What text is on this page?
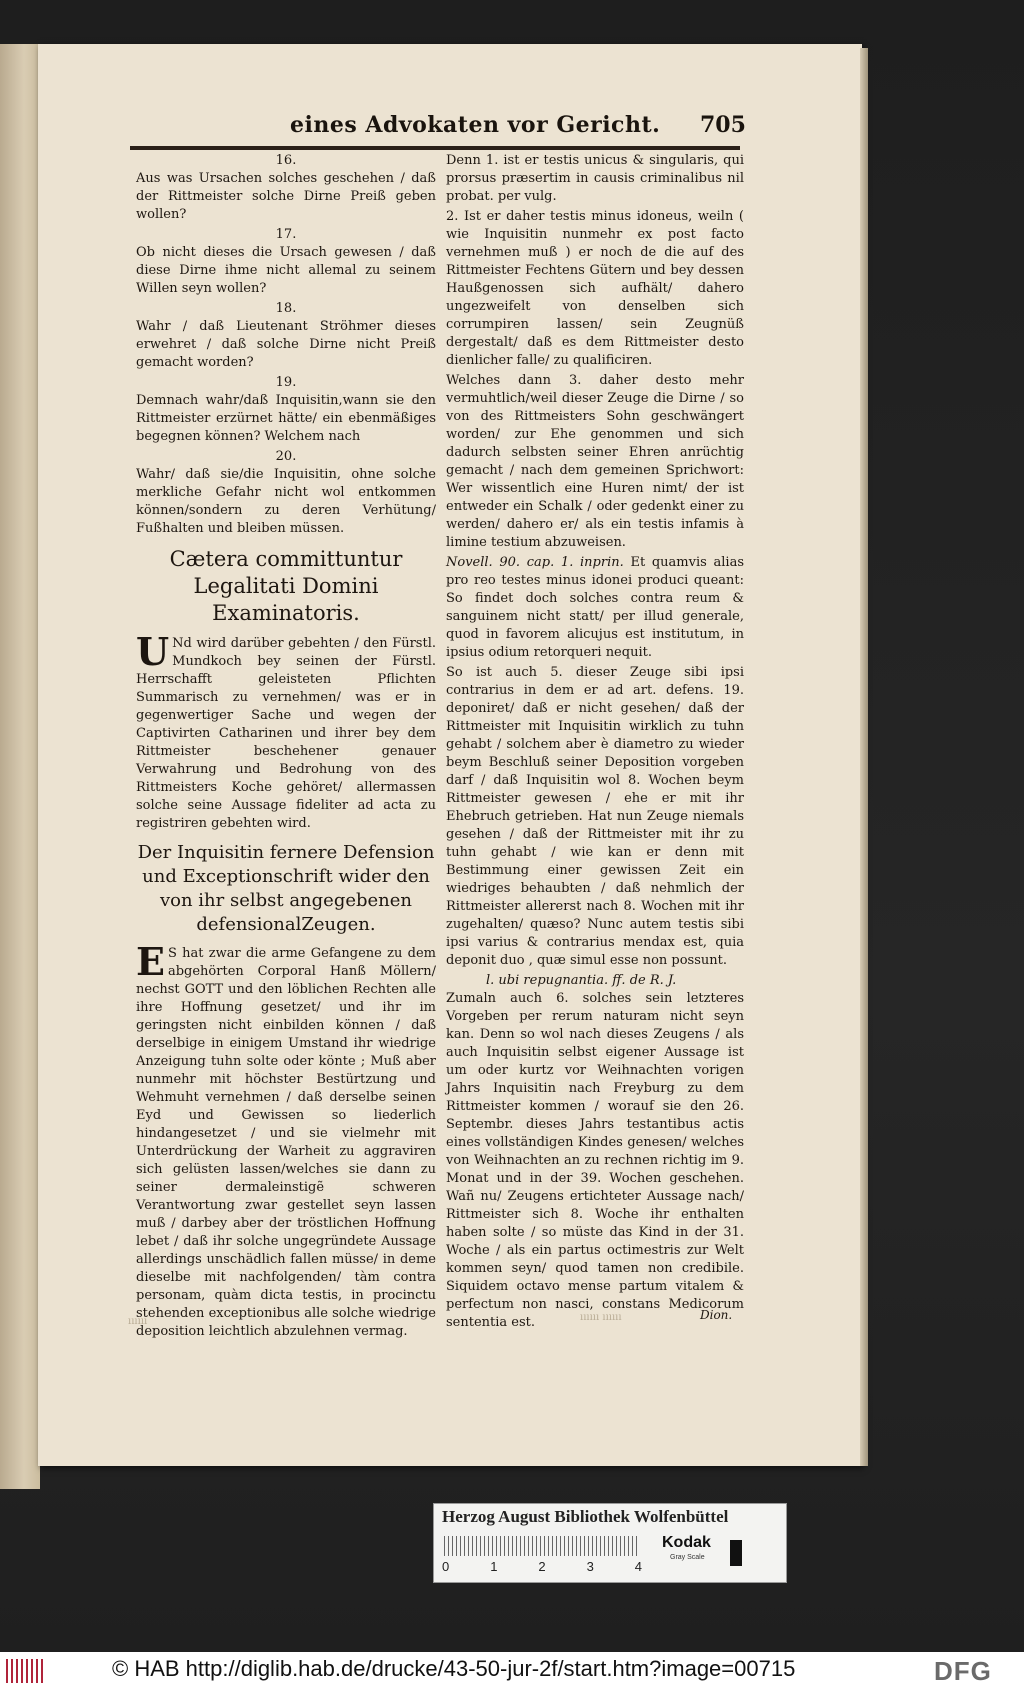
eines Advokaten vor Gericht. 705
16.
Aus was Ursachen solches geschehen / daß der Rittmeister solche Dirne Preiß geben wollen?
17.
Ob nicht dieses die Ursach gewesen / daß diese Dirne ihme nicht allemal zu seinem Willen seyn wollen?
18.
Wahr / daß Lieutenant Ströhmer dieses erwehret / daß solche Dirne nicht Preiß gemacht worden?
19.
Demnach wahr/daß Inquisitin,wann sie den Rittmeister erzürnet hätte/ ein ebenmäßiges begegnen können? Welchem nach
20.
Wahr/ daß sie/die Inquisitin, ohne solche merkliche Gefahr nicht wol entkommen können/sondern zu deren Verhütung/ Fußhalten und bleiben müssen.
Cætera committuntur Legalitati Domini Examinatoris.
U Nd wird darüber gebehten / den Fürstl. Mundkoch bey seinen der Fürstl. Herrschafft geleisteten Pflichten Summarisch zu vernehmen/ was er in gegenwertiger Sache und wegen der Captivirten Catharinen und ihrer bey dem Rittmeister beschehener genauer Verwahrung und Bedrohung von des Rittmeisters Koche gehöret/ allermassen solche seine Aussage fideliter ad acta zu registriren gebehten wird.
Der Inquisitin fernere Defension und Exceptionschrift wider den von ihr selbst angegebenen defensionalZeugen.
E S hat zwar die arme Gefangene zu dem abgehörten Corporal Hanß Möllern/ nechst GOTT und den löblichen Rechten alle ihre Hoffnung gesetzet/ und ihr im geringsten nicht einbilden können / daß derselbige in einigem Umstand ihr wiedrige Anzeigung tuhn solte oder könte ; Muß aber nunmehr mit höchster Bestürtzung und Wehmuht vernehmen / daß derselbe seinen Eyd und Gewissen so liederlich hindangesetzet / und sie vielmehr mit Unterdrückung der Warheit zu aggraviren sich gelüsten lassen/welches sie dann zu seiner dermaleinstigẽ schweren Verantwortung zwar gestellet seyn lassen muß / darbey aber der tröstlichen Hoffnung lebet / daß ihr solche ungegründete Aussage allerdings unschädlich fallen müsse/ in deme dieselbe mit nachfolgenden/ tàm contra personam, quàm dicta testis, in procinctu stehenden exceptionibus alle solche wiedrige deposition leichtlich abzulehnen vermag.
Denn 1. ist er testis unicus & singularis, qui prorsus præsertim in causis criminalibus nil probat. per vulg.
2. Ist er daher testis minus idoneus, weiln ( wie Inquisitin nunmehr ex post facto vernehmen muß ) er noch de die auf des Rittmeister Fechtens Gütern und bey dessen Haußgenossen sich aufhält/ dahero ungezweifelt von denselben sich corrumpiren lassen/ sein Zeugnüß dergestalt/ daß es dem Rittmeister desto dienlicher falle/ zu qualificiren.
Welches dann 3. daher desto mehr vermuhtlich/weil dieser Zeuge die Dirne / so von des Rittmeisters Sohn geschwängert worden/ zur Ehe genommen und sich dadurch selbsten seiner Ehren anrüchtig gemacht / nach dem gemeinen Sprichwort: Wer wissentlich eine Huren nimt/ der ist entweder ein Schalk / oder gedenkt einer zu werden/ dahero er/ als ein testis infamis à limine testium abzuweisen.
Novell. 90. cap. 1. inprin. Et quamvis alias pro reo testes minus idonei produci queant: So findet doch solches contra reum & sanguinem nicht statt/ per illud generale, quod in favorem alicujus est institutum, in ipsius odium retorqueri nequit.
So ist auch 5. dieser Zeuge sibi ipsi contrarius in dem er ad art. defens. 19. deponiret/ daß er nicht gesehen/ daß der Rittmeister mit Inquisitin wirklich zu tuhn gehabt / solchem aber è diametro zu wieder beym Beschluß seiner Deposition vorgeben darf / daß Inquisitin wol 8. Wochen beym Rittmeister gewesen / ehe er mit ihr Ehebruch getrieben. Hat nun Zeuge niemals gesehen / daß der Rittmeister mit ihr zu tuhn gehabt / wie kan er denn mit Bestimmung einer gewissen Zeit ein wiedriges behaubten / daß nehmlich der Rittmeister allererst nach 8. Wochen mit ihr zugehalten/ quæso? Nunc autem testis sibi ipsi varius & contrarius mendax est, quia deponit duo , quæ simul esse non possunt.
l. ubi repugnantia. ff. de R. J.
Zumaln auch 6. solches sein letzteres Vorgeben per rerum naturam nicht seyn kan. Denn so wol nach dieses Zeugens / als auch Inquisitin selbst eigener Aussage ist um oder kurtz vor Weihnachten vorigen Jahrs Inquisitin nach Freyburg zu dem Rittmeister kommen / worauf sie den 26. Septembr. dieses Jahrs testantibus actis eines vollständigen Kindes genesen/ welches von Weihnachten an zu rechnen richtig im 9. Monat und in der 39. Wochen geschehen. Wañ nu/ Zeugens ertichteter Aussage nach/ Rittmeister sich 8. Woche ihr enthalten haben solte / so müste das Kind in der 31. Woche / als ein partus octimestris zur Welt kommen seyn/ quod tamen non credibile. Siquidem octavo mense partum vitalem & perfectum non nasci, constans Medicorum sententia est.	Dion.
ıııııı	ıııııı ıııııı
Herzog August Bibliothek Wolfenbüttel
0	1	2	3	4
Kodak
Gray Scale
© HAB http://diglib.hab.de/drucke/43-50-jur-2f/start.htm?image=00715	DFG
